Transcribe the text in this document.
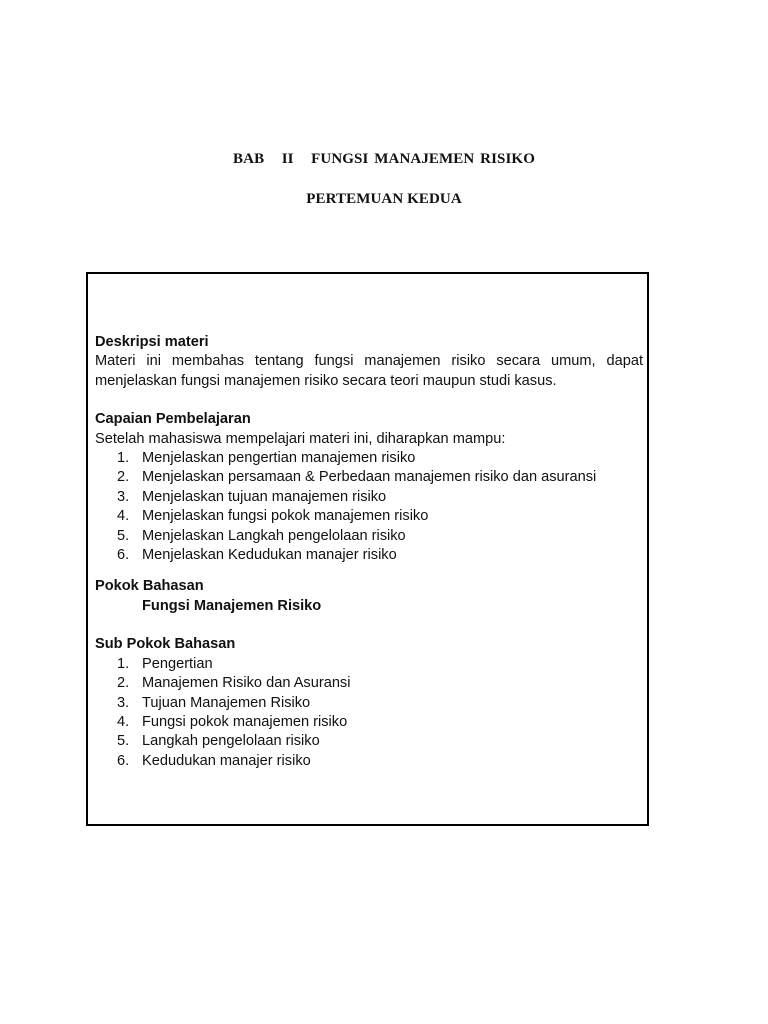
BAB   II   FUNGSI MANAJEMEN RISIKO
PERTEMUAN KEDUA

Deskripsi materi

Materi ini membahas tentang fungsi manajemen risiko secara umum, dapat menjelaskan fungsi manajemen risiko secara teori maupun studi kasus.

Capaian Pembelajaran

Setelah mahasiswa mempelajari materi ini, diharapkan mampu:

1. Menjelaskan pengertian manajemen risiko
2. Menjelaskan persamaan & Perbedaan manajemen risiko dan asuransi
3. Menjelaskan tujuan manajemen risiko
4. Menjelaskan fungsi pokok manajemen risiko
5. Menjelaskan Langkah pengelolaan risiko
6. Menjelaskan Kedudukan manajer risiko

Pokok Bahasan

Fungsi Manajemen Risiko

Sub Pokok Bahasan

1. Pengertian
2. Manajemen Risiko dan Asuransi
3. Tujuan Manajemen Risiko
4. Fungsi pokok manajemen risiko
5. Langkah pengelolaan risiko
6. Kedudukan manajer risiko
